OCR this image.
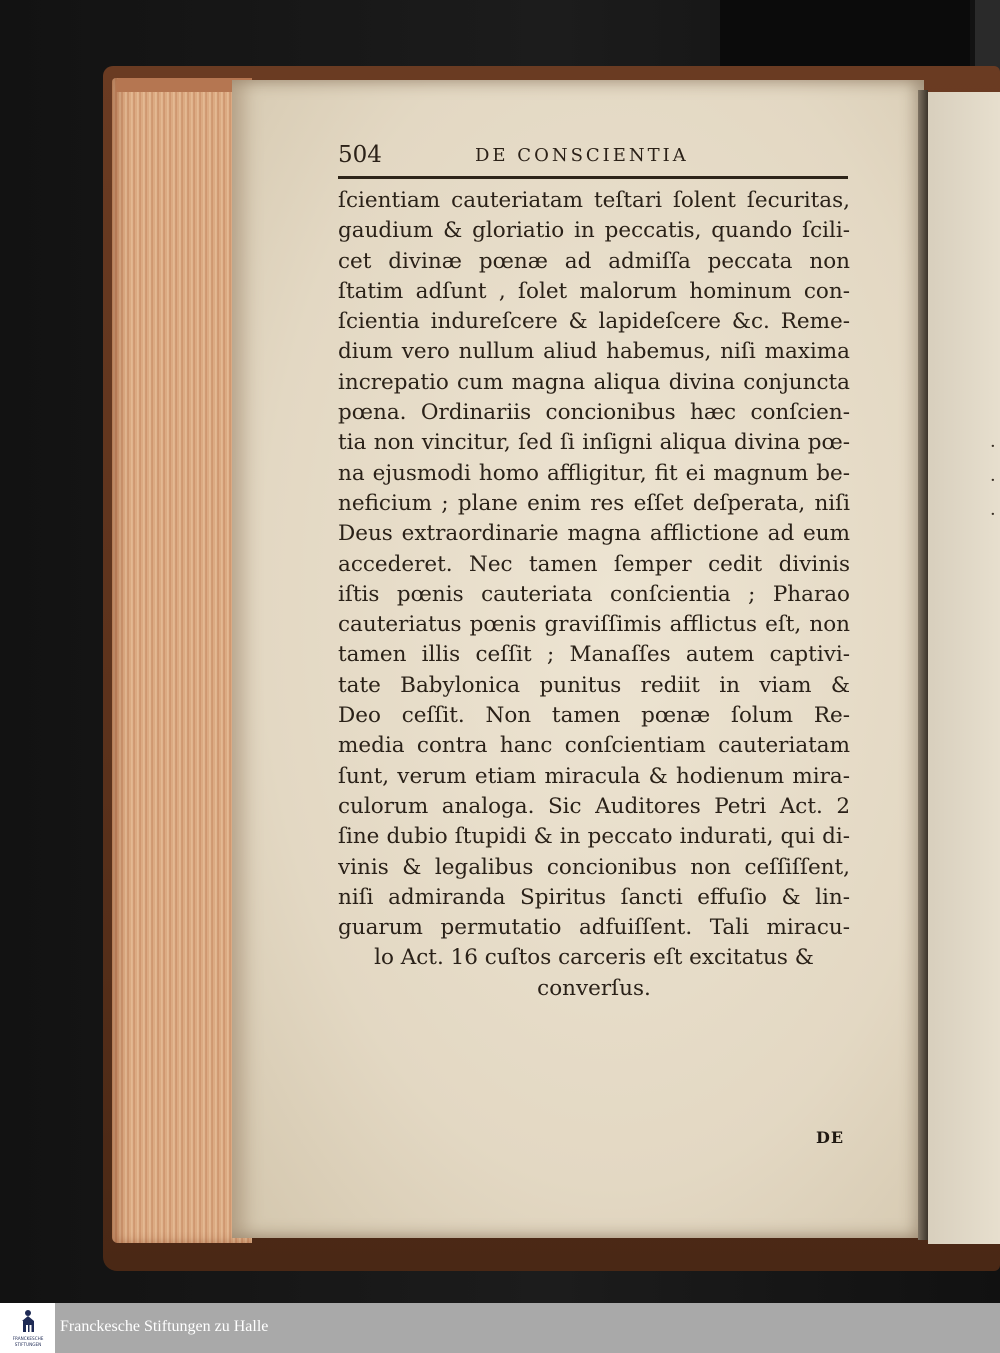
·
·
·
504	DE CONSCIENTIA
ſcientiam cauteriatam teſtari ſolent ſecuritas,
gaudium & gloriatio in peccatis, quando ſcili-
cet divinæ pœnæ ad admiſſa peccata non
ſtatim adſunt , ſolet malorum hominum con-
ſcientia indureſcere & lapideſcere &c. Reme-
dium vero nullum aliud habemus, niſi maxima
increpatio cum magna aliqua divina conjuncta
pœna. Ordinariis concionibus hæc conſcien-
tia non vincitur, ſed ſi inſigni aliqua divina pœ-
na ejusmodi homo affligitur, fit ei magnum be-
neficium ; plane enim res eſſet deſperata, niſi
Deus extraordinarie magna afflictione ad eum
accederet. Nec tamen ſemper cedit divinis
iſtis pœnis cauteriata conſcientia ; Pharao
cauteriatus pœnis graviſſimis afflictus eſt, non
tamen illis ceſſit ; Manaſſes autem captivi-
tate Babylonica punitus rediit in viam &
Deo ceſſit. Non tamen pœnæ ſolum Re-
media contra hanc conſcientiam cauteriatam
ſunt, verum etiam miracula & hodienum mira-
culorum analoga. Sic Auditores Petri Act. 2
ſine dubio ſtupidi & in peccato indurati, qui di-
vinis & legalibus concionibus non ceſſiſſent,
niſi admiranda Spiritus ſancti effuſio & lin-
guarum permutatio adfuiſſent. Tali miracu-
lo Act. 16 cuſtos carceris eſt excitatus &
converſus.
DE
FRANCKESCHE
STIFTUNGEN
Franckesche Stiftungen zu Halle
